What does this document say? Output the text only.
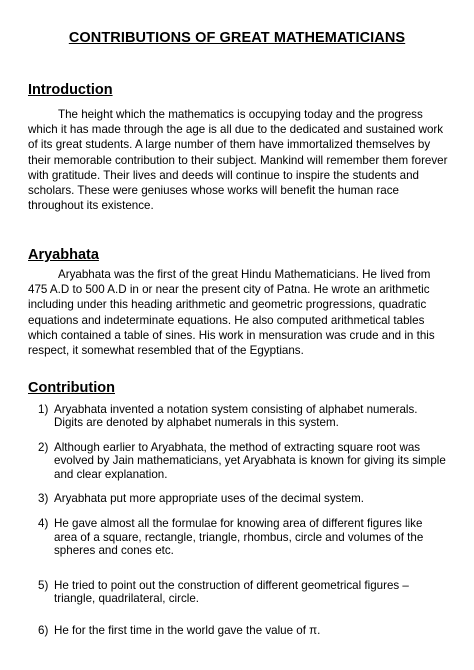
CONTRIBUTIONS OF GREAT MATHEMATICIANS
Introduction

The height which the mathematics is occupying today and the progress which it has made through the age is all due to the dedicated and sustained work of its great students. A large number of them have immortalized themselves by their memorable contribution to their subject. Mankind will remember them forever with gratitude. Their lives and deeds will continue to inspire the students and scholars. These were geniuses whose works will benefit the human race throughout its existence.

Aryabhata

Aryabhata was the first of the great Hindu Mathematicians. He lived from 475 A.D to 500 A.D in or near the present city of Patna. He wrote an arithmetic including under this heading arithmetic and geometric progressions, quadratic equations and indeterminate equations. He also computed arithmetical tables which contained a table of sines. His work in mensuration was crude and in this respect, it somewhat resembled that of the Egyptians.

Contribution
1) Aryabhata invented a notation system consisting of alphabet numerals. Digits are denoted by alphabet numerals in this system.
2) Although earlier to Aryabhata, the method of extracting square root was evolved by Jain mathematicians, yet Aryabhata is known for giving its simple and clear explanation.
3) Aryabhata put more appropriate uses of the decimal system.
4) He gave almost all the formulae for knowing area of different figures like area of a square, rectangle, triangle, rhombus, circle and volumes of the spheres and cones etc.
5) He tried to point out the construction of different geometrical figures –triangle, quadrilateral, circle.
6) He for the first time in the world gave the value of π.
